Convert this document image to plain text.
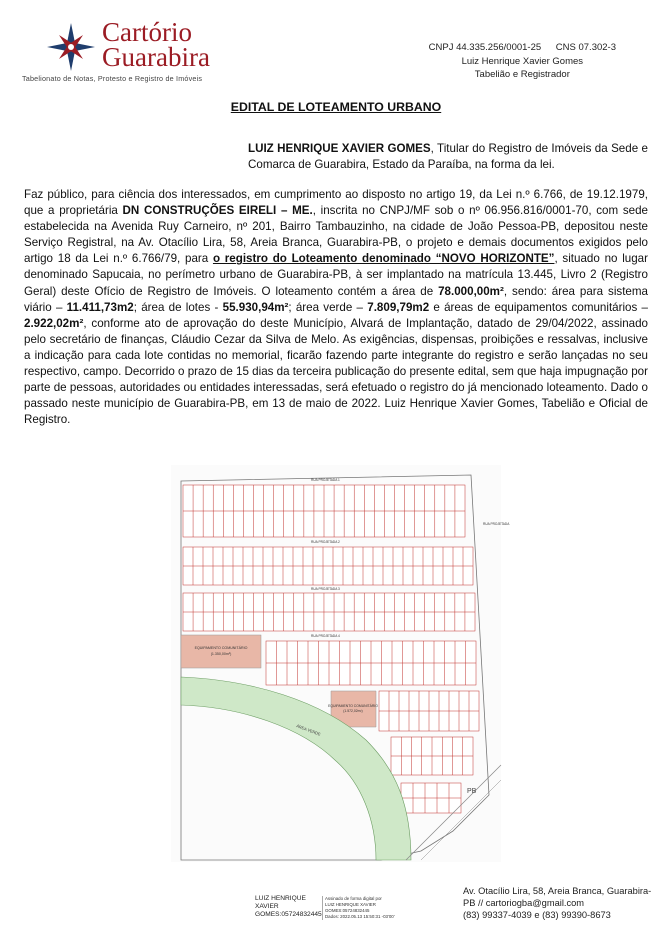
Cartório
Guarabira
Tabelionato de Notas, Protesto e Registro de Imóveis
CNPJ 44.335.256/0001-25 CNS 07.302-3
Luiz Henrique Xavier Gomes
Tabelião e Registrador
EDITAL DE LOTEAMENTO URBANO
LUIZ HENRIQUE XAVIER GOMES, Titular do Registro de Imóveis da Sede e Comarca de Guarabira, Estado da Paraíba, na forma da lei.
Faz público, para ciência dos interessados, em cumprimento ao disposto no artigo 19, da Lei n.º 6.766, de 19.12.1979, que a proprietária DN CONSTRUÇÕES EIRELI – ME., inscrita no CNPJ/MF sob o nº 06.956.816/0001-70, com sede estabelecida na Avenida Ruy Carneiro, nº 201, Bairro Tambauzinho, na cidade de João Pessoa-PB, depositou neste Serviço Registral, na Av. Otacílio Lira, 58, Areia Branca, Guarabira-PB, o projeto e demais documentos exigidos pelo artigo 18 da Lei n.º 6.766/79, para o registro do Loteamento denominado “NOVO HORIZONTE”, situado no lugar denominado Sapucaia, no perímetro urbano de Guarabira-PB, à ser implantado na matrícula 13.445, Livro 2 (Registro Geral) deste Ofício de Registro de Imóveis. O loteamento contém a área de 78.000,00m², sendo: área para sistema viário – 11.411,73m2; área de lotes - 55.930,94m²; área verde – 7.809,79m2 e áreas de equipamentos comunitários – 2.922,02m², conforme ato de aprovação do deste Município, Alvará de Implantação, datado de 29/04/2022, assinado pelo secretário de finanças, Cláudio Cezar da Silva de Melo. As exigências, dispensas, proibições e ressalvas, inclusive a indicação para cada lote contidas no memorial, ficarão fazendo parte integrante do registro e serão lançadas no seu respectivo, campo. Decorrido o prazo de 15 dias da terceira publicação do presente edital, sem que haja impugnação por parte de pessoas, autoridades ou entidades interessadas, será efetuado o registro do já mencionado loteamento. Dado o passado neste município de Guarabira-PB, em 13 de maio de 2022. Luiz Henrique Xavier Gomes, Tabelião e Oficial de Registro.
EQUIPAMENTO COMUNITÁRIO
(1.350,00m²)
EQUIPAMENTO COMUNITÁRIO
(1.572,02m²)
ÁREA VERDE
PB
RUA PROJETADA 1
RUA PROJETADA 2
RUA PROJETADA 3
RUA PROJETADA 4
RUA PROJETADA
LUIZ HENRIQUE
XAVIER
GOMES:05724832445
Assinado de forma digital por
LUIZ HENRIQUE XAVIER
GOMES:05724832445
Dados: 2022.05.13 15:50:31 -03'00'
Av. Otacílio Lira, 58, Areia Branca, Guarabira-PB // cartoriogba@gmail.com
(83) 99337-4039 e (83) 99390-8673
